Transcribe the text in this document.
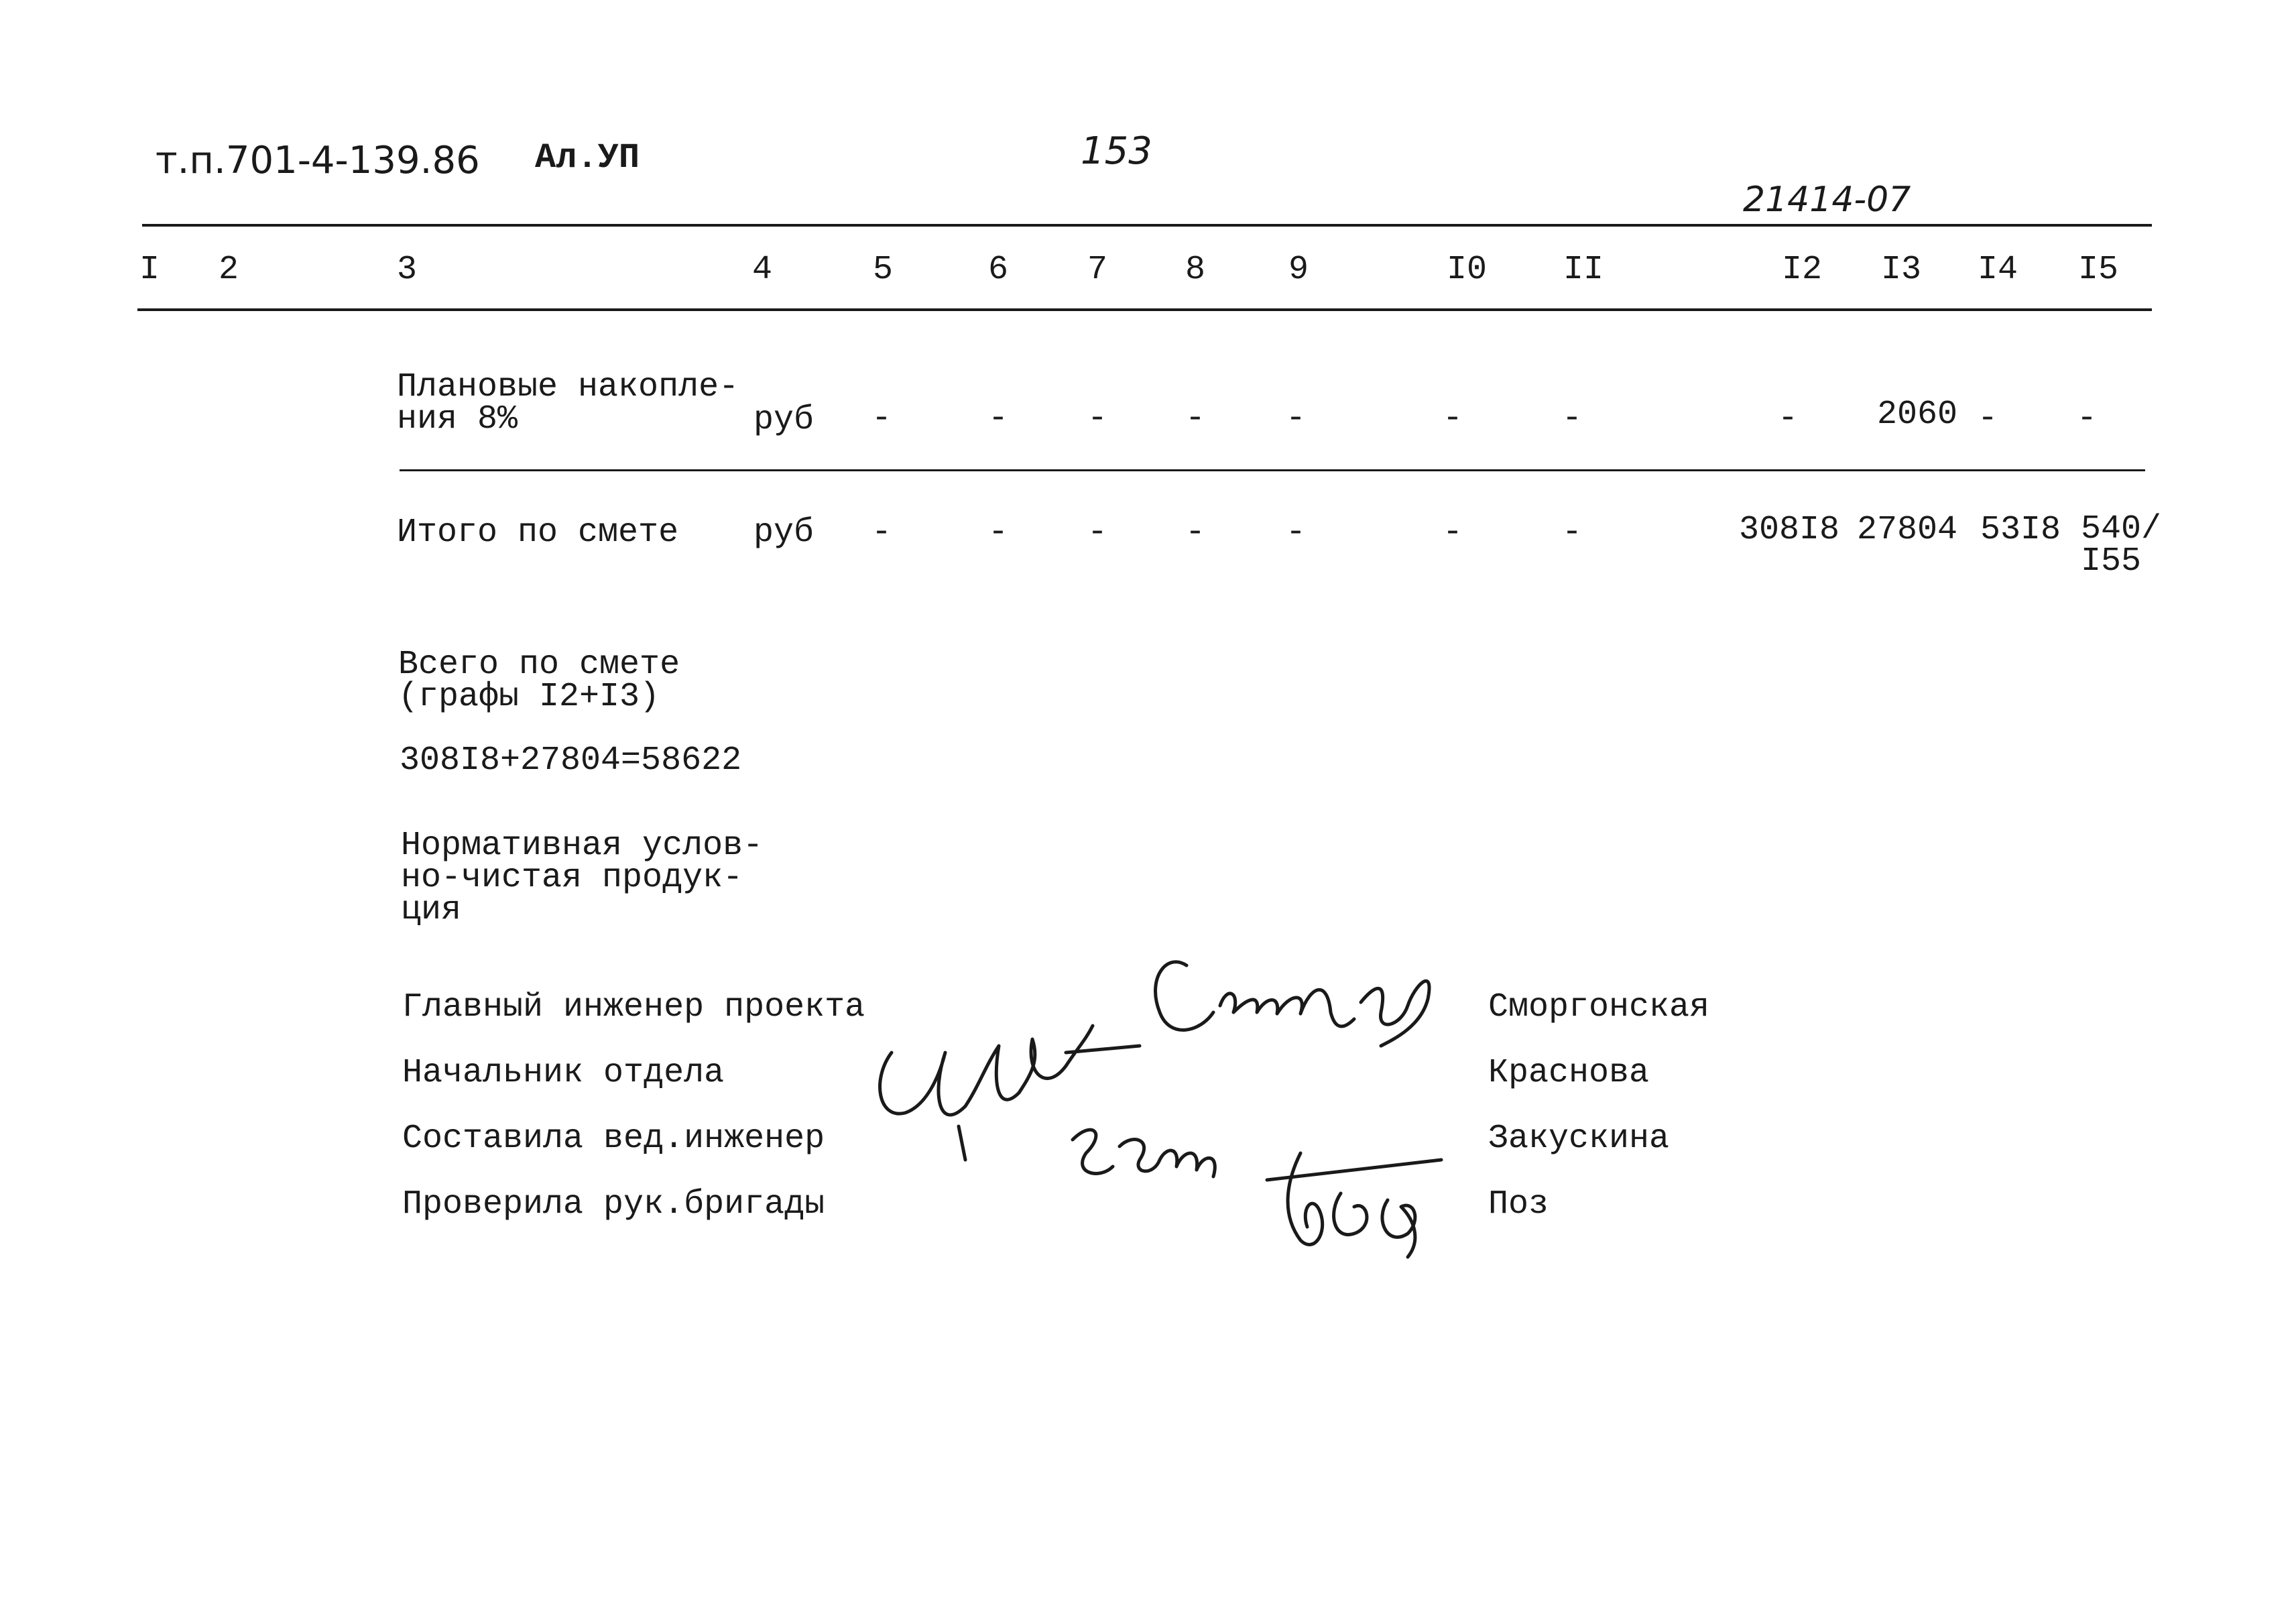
т.п.701-4-139.86 Ал.УП	153
21414-07
I 2	3	4	5	6 7 8 9	I0 II	I2 I3 I4 I5
Плановые накопле-
ния 8%	руб -	- - - -	-	-	- 2060 - -
Итого по смете руб -	- - - -	-	-	308I8 27804 53I8 540/
I55
Всего по смете
(графы I2+I3)
308I8+27804=58622
Нормативная услов-
но-чистая продук-
ция
Главный инженер проекта	Сморгонская
Начальник отдела	Краснова
Составила вед.инженер	Закускина
Проверила рук.бригады	Поз
